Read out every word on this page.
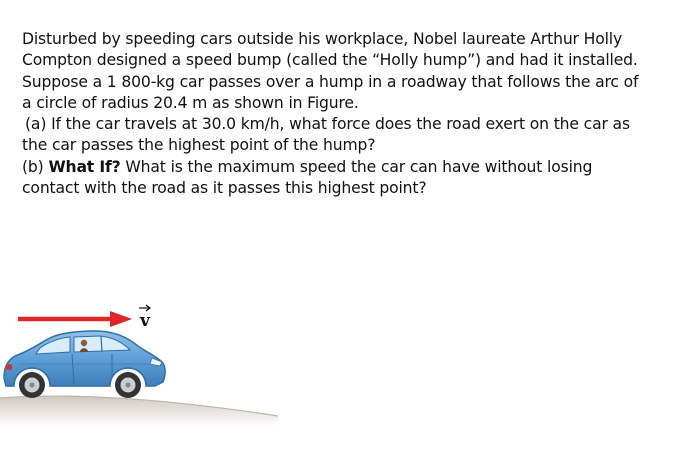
Disturbed by speeding cars outside his workplace, Nobel laureate Arthur Holly
Compton designed a speed bump (called the “Holly hump”) and had it installed.
Suppose a 1 800-kg car passes over a hump in a roadway that follows the arc of
a circle of radius 20.4 m as shown in Figure.
(a) If the car travels at 30.0 km/h, what force does the road exert on the car as
the car passes the highest point of the hump?
(b) What If? What is the maximum speed the car can have without losing
contact with the road as it passes this highest point?
v
